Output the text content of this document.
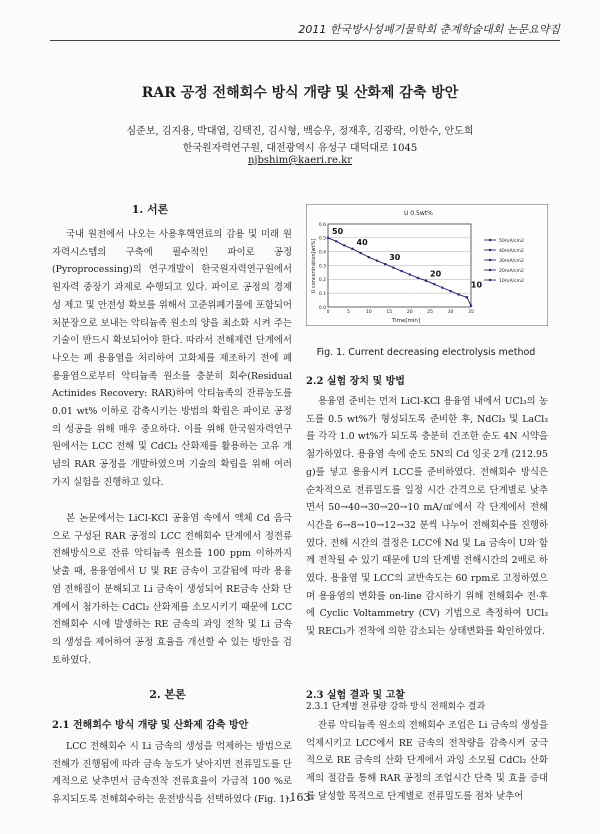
2011 한국방사성폐기물학회 춘계학술대회 논문요약집
RAR 공정 전해회수 방식 개량 및 산화제 감축 방안
심준보, 김지용, 박대엽, 김택진, 김시형, 백승우, 정재후, 김광락, 이한수, 안도희
한국원자력연구원, 대전광역시 유성구 대덕대로 1045
njbshim@kaeri.re.kr
1. 서론
국내 원전에서 나오는 사용후핵연료의 감용 및 미래 원자력시스템의 구축에 필수적인 파이로 공정(Pyroprocessing)의 연구개발이 한국원자력연구원에서 원자력 중장기 과제로 수행되고 있다. 파이로 공정의 경제성 제고 및 안전성 확보를 위해서 고준위폐기물에 포함되어 처분장으로 보내는 악티늄족 원소의 양을 최소화 시켜 주는 기술이 반드시 확보되어야 한다. 따라서 전해제련 단계에서 나오는 폐 용융염을 처리하여 고화체를 제조하기 전에 폐 용융염으로부터 악티늄족 원소를 충분히 회수(Residual Actinides Recovery: RAR)하여 악티늄족의 잔류농도를 0.01 wt% 이하로 감축시키는 방법의 확립은 파이로 공정의 성공을 위해 매우 중요하다. 이를 위해 한국원자력연구원에서는 LCC 전해 및 CdCl₂ 산화제를 활용하는 고유 개념의 RAR 공정을 개발하였으며 기술의 확립을 위해 여러 가지 실험을 진행하고 있다.
본 논문에서는 LiCl-KCl 공융염 속에서 액체 Cd 음극으로 구성된 RAR 공정의 LCC 전해회수 단계에서 정전류 전해방식으로 잔류 악티늄족 원소를 100 ppm 이하까지 낮출 때, 용융염에서 U 및 RE 금속이 고갈됨에 따라 용융염 전해질이 분해되고 Li 금속이 생성되어 RE금속 산화 단계에서 첨가하는 CdCl₂ 산화제를 소모시키기 때문에 LCC 전해회수 시에 발생하는 RE 금속의 과잉 전착 및 Li 금속의 생성을 제어하여 공정 효율을 개선할 수 있는 방안을 검토하였다.
2. 본론
2.1 전해회수 방식 개량 및 산화제 감축 방안
LCC 전해회수 시 Li 금속의 생성을 억제하는 방법으로 전해가 진행됨에 따라 금속 농도가 낮아지면 전류밀도를 단계적으로 낮추면서 금속전착 전류효율이 가급적 100 %로 유지되도록 전해회수하는 운전방식을 선택하였다 (Fig. 1).
U 0.5wt%
Time[min]
U concentration[wt%]
0.0
0.1
0.2
0.3
0.4
0.5
0.6
0	5	10	15	20	25	30	35
50
40
30
20
10
50mA/cm2
40mA/cm2
30mA/cm2
20mA/cm2
10mA/cm2
Fig. 1. Current decreasing electrolysis method
2.2 실험 장치 및 방법
용융염 준비는 먼저 LiCl-KCl 용융염 내에서 UCl₃의 농도를 0.5 wt%가 형성되도록 준비한 후, NdCl₃ 및 LaCl₃를 각각 1.0 wt%가 되도록 충분히 건조한 순도 4N 시약을 첨가하였다. 용융염 속에 순도 5N의 Cd 잉곳 2개 (212.95 g)를 넣고 용융시켜 LCC를 준비하였다. 전해회수 방식은 순차적으로 전류밀도를 일정 시간 간격으로 단계별로 낮추면서 50→40→30→20→10 mA/㎠에서 각 단계에서 전해 시간을 6→8→10→12→32 분씩 나누어 전해회수를 진행하였다. 전해 시간의 결정은 LCC에 Nd 및 La 금속이 U와 함께 전착될 수 있기 때문에 U의 단계별 전해시간의 2배로 하였다. 용융염 및 LCC의 교반속도는 60 rpm로 고정하였으며 용융염의 변화를 on-line 감시하기 위해 전해회수 전·후에 Cyclic Voltammetry (CV) 기법으로 측정하여 UCl₃ 및 RECl₃가 전착에 의한 감소되는 상태변화를 확인하였다.
2.3 실험 결과 및 고찰
2.3.1 단계별 전류량 강하 방식 전해회수 결과
잔류 악티늄족 원소의 전해회수 조업은 Li 금속의 생성을 억제시키고 LCC에서 RE 금속의 전착량을 감축시켜 궁극적으로 RE 금속의 산화 단계에서 과잉 소모될 CdCl₂ 산화제의 절감을 통해 RAR 공정의 조업시간 단축 및 효율 증대를 달성할 목적으로 단계별로 전류밀도를 점차 낮추어
-163-
